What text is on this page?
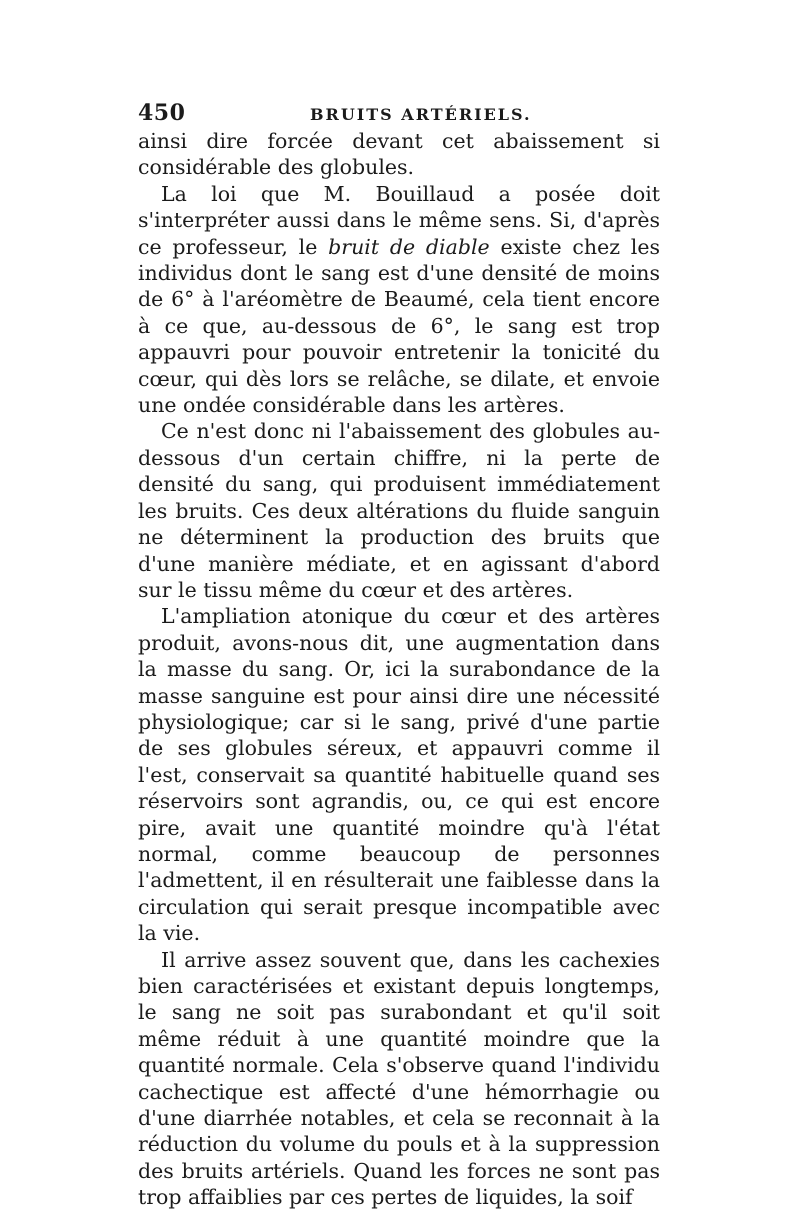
450	BRUITS ARTÉRIELS.

ainsi dire forcée devant cet abaissement si considérable des globules.

La loi que M. Bouillaud a posée doit s'interpréter aussi dans le même sens. Si, d'après ce professeur, le bruit de diable existe chez les individus dont le sang est d'une densité de moins de 6° à l'aréomètre de Beaumé, cela tient encore à ce que, au-dessous de 6°, le sang est trop appauvri pour pouvoir entretenir la tonicité du cœur, qui dès lors se relâche, se dilate, et envoie une ondée considérable dans les artères.

Ce n'est donc ni l'abaissement des globules au-dessous d'un certain chiffre, ni la perte de densité du sang, qui produisent immédiatement les bruits. Ces deux altérations du fluide sanguin ne déterminent la production des bruits que d'une manière médiate, et en agissant d'abord sur le tissu même du cœur et des artères.

L'ampliation atonique du cœur et des artères produit, avons-nous dit, une augmentation dans la masse du sang. Or, ici la surabondance de la masse sanguine est pour ainsi dire une nécessité physiologique; car si le sang, privé d'une partie de ses globules séreux, et appauvri comme il l'est, conservait sa quantité habituelle quand ses réservoirs sont agrandis, ou, ce qui est encore pire, avait une quantité moindre qu'à l'état normal, comme beaucoup de personnes l'admettent, il en résulterait une faiblesse dans la circulation qui serait presque incompatible avec la vie.

Il arrive assez souvent que, dans les cachexies bien caractérisées et existant depuis longtemps, le sang ne soit pas surabondant et qu'il soit même réduit à une quantité moindre que la quantité normale. Cela s'observe quand l'individu cachectique est affecté d'une hémorrhagie ou d'une diarrhée notables, et cela se reconnait à la réduction du volume du pouls et à la suppression des bruits artériels. Quand les forces ne sont pas trop affaiblies par ces pertes de liquides, la soif
